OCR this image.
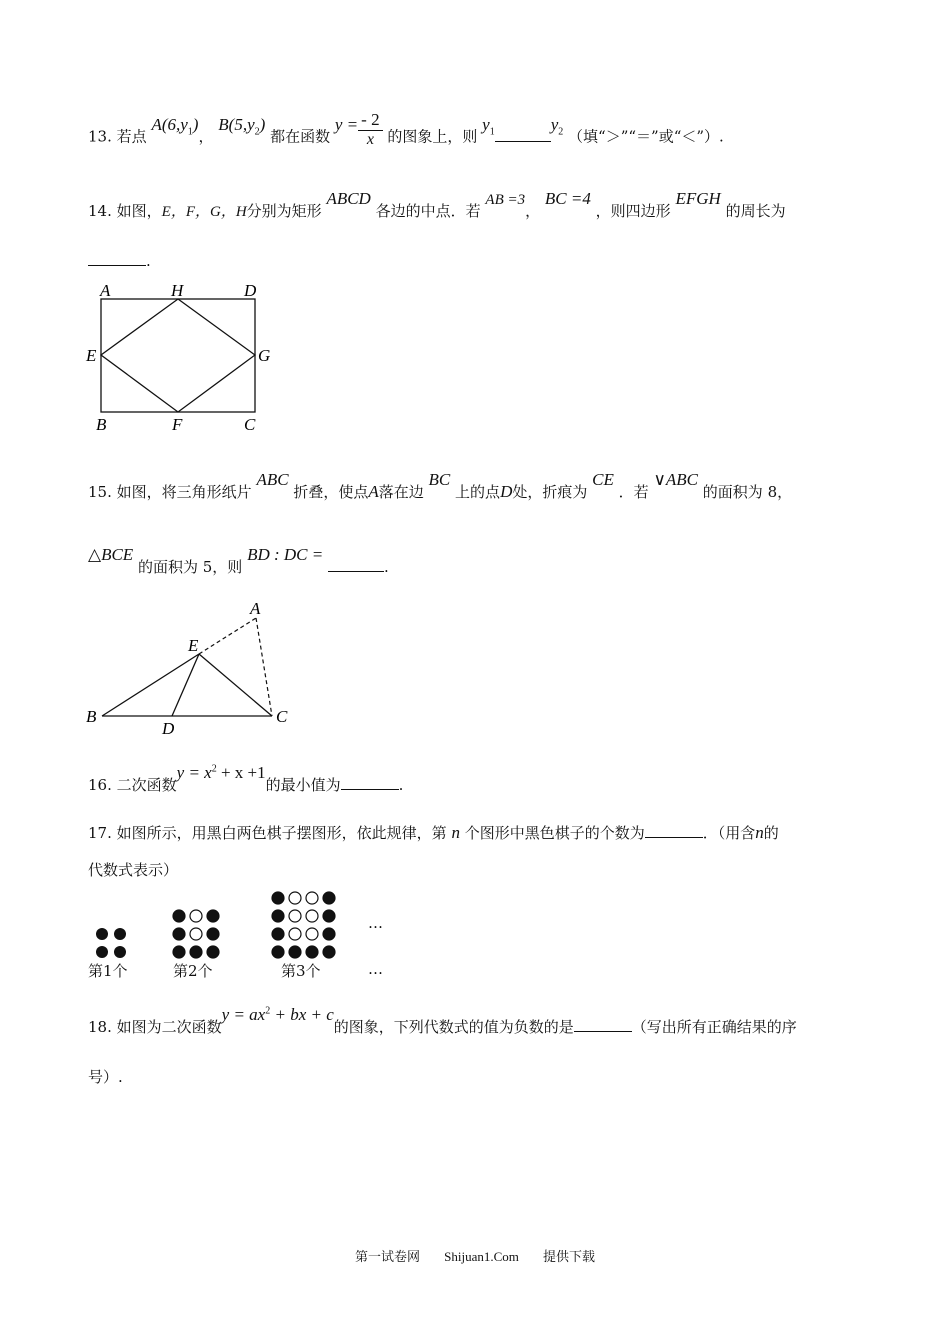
13. 若点 $A(6,y_1)$， $B(5,y_2)$ 都在函数 $y = \frac{- 2}{x}$ 的图象上，则 $y_1$	$y_2$ （填“＞”“＝”或“＜”）.
14. 如图，E，F，G，H分别为矩形 ABCD 各边的中点．若 AB =3， BC =4 ，则四边形 EFGH 的周长为
.
A	H	D
E	G
B	F	C
15. 如图，将三角形纸片 ABC 折叠，使点A落在边 BC 上的点D处，折痕为 CE ．若 ∨ABC 的面积为 8，
△BCE 的面积为 5，则 BD : DC = .
A
E
B
D
C
16. 二次函数$y = x^2 + x +1$的最小值为	.
17. 如图所示，用黑白两色棋子摆图形，依此规律，第 n 个图形中黑色棋子的个数为	．（用含n的
代数式表示）
…
第1个	第2个	第3个	…
18. 如图为二次函数$y = ax^2$ + bx + c的图象，下列代数式的值为负数的是	（写出所有正确结果的序
号）.
第一试卷网 Shijuan1.Com 提供下载
